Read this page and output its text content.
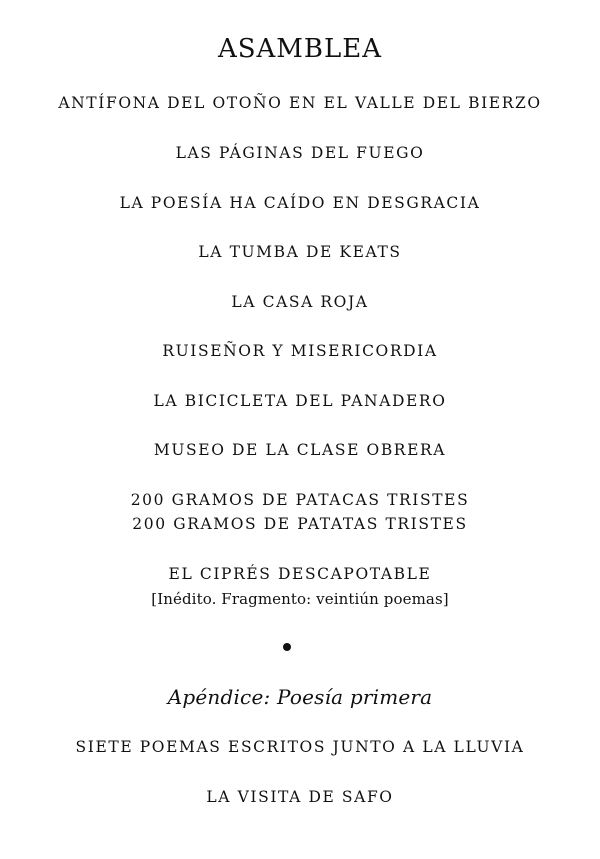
ASAMBLEA
ANTÍFONA DEL OTOÑO EN EL VALLE DEL BIERZO
LAS PÁGINAS DEL FUEGO
LA POESÍA HA CAÍDO EN DESGRACIA
LA TUMBA DE KEATS
LA CASA ROJA
RUISEÑOR Y MISERICORDIA
LA BICICLETA DEL PANADERO
MUSEO DE LA CLASE OBRERA
200 GRAMOS DE PATACAS TRISTES
200 GRAMOS DE PATATAS TRISTES
EL CIPRÉS DESCAPOTABLE
[Inédito. Fragmento: veintiún poemas]
Apéndice: Poesía primera
SIETE POEMAS ESCRITOS JUNTO A LA LLUVIA
LA VISITA DE SAFO
